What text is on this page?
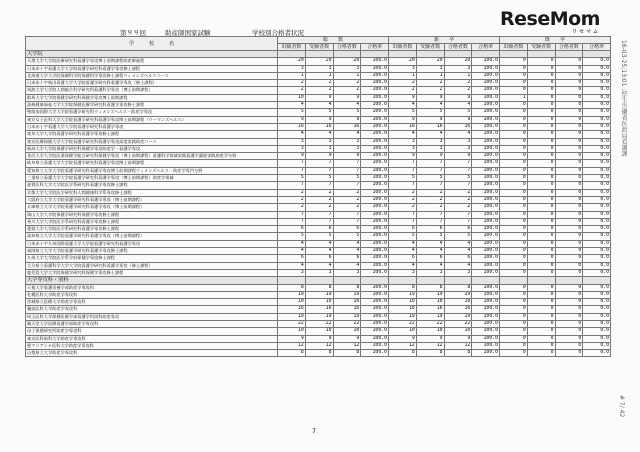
第９９回	助産師国家試験	学校別合格者状況
ReseMom
リセマム
16-03-25;13:01 ;厚生労働省医政局看護課
# 7/ 42
学　　　校　　　名	総　　数				新　　卒				既　　卒			
	出願者数	受験者数	合格者数	合格率	出願者数	受験者数	合格者数	合格率	出願者数	受験者数	合格者数	合格率
大学院												
天理大学大学院医療研究科看護学専攻博士前期課程助産師過程	20	20	20	100.0	20	20	20	100.0	0	0	0	0.0
日本赤十字看護大学大学院看護学研究科看護学専攻修士課程	3	3	3	100.0	3	3	3	100.0	0	0	0	0.0
北海道大学大学院保健科学院保健科学専攻修士課程ウィメンズヘルスコース	1	1	1	100.0	1	1	1	100.0	0	0	0	0.0
日本赤十字秋田看護大学大学院看護学研究科看護学専攻（修士課程）	2	2	2	100.0	2	2	2	100.0	0	0	0	0.0
筑波大学大学院人間総合科学研究科看護科学専攻（博士前期課程）	2	2	2	100.0	2	2	2	100.0	0	0	0	0.0
群馬大学大学院保健学研究科保健学専攻博士前期課程	10	9	9	100.0	9	9	9	100.0	1	0	0	0.0
高崎健康福祉大学大学院保健医療学研究科看護学専攻修士課程	4	4	4	100.0	4	4	4	100.0	0	0	0	0.0
聖路加国際大学大学院看護学研究科ウィメンズヘルス・助産学専攻	5	5	5	100.0	5	5	5	100.0	0	0	0	0.0
東京女子医科大学大学院看護学研究科看護学専攻博士前期課程（ウーマンズヘルス）	9	9	9	100.0	9	9	9	100.0	0	0	0	0.0
日本赤十字看護大学大学院看護学研究科看護学専攻	16	16	16	100.0	16	16	16	100.0	0	0	0	0.0
東邦大学大学院看護学研究科看護学専攻修士課程	4	4	4	100.0	4	4	4	100.0	0	0	0	0.0
東京医療保健大学大学院看護学研究科看護学専攻高度実践助産コース	3	3	3	100.0	3	3	3	100.0	0	0	0	0.0
新潟大学大学院保健学研究科保健学専攻助産学・看護学専攻	3	3	3	100.0	3	3	3	100.0	0	0	0	0.0
金沢大学大学院医薬保健学総合研究科保健学専攻（博士前期課程）看護科学領域実践看護学講座実践助産学分野	9	9	9	100.0	9	9	9	100.0	0	0	0	0.0
岐阜県立看護大学大学院看護学研究科看護学専攻博士前期課程	7	7	7	100.0	7	7	7	100.0	0	0	0	0.0
愛知県立大学大学院看護学研究科看護学専攻博士前期課程ウィメンズヘルス・助産学専門分野	7	7	7	100.0	7	7	7	100.0	0	0	0	0.0
三重県立看護大学大学院看護学研究科看護学専攻（博士前期課程）助産学領域	5	5	5	100.0	5	5	5	100.0	0	0	0	0.0
滋賀医科大学大学院医学系研究科看護学専攻修士課程	7	7	7	100.0	7	7	7	100.0	0	0	0	0.0
京都大学大学院医学研究科人間健康科学系専攻修士課程	2	2	2	100.0	2	2	2	100.0	0	0	0	0.0
大阪府立大学大学院看護学研究科看護学専攻（博士前期課程）	2	2	2	100.0	2	2	2	100.0	0	0	0	0.0
兵庫県立大学大学院看護学研究科看護学専攻（博士前期課程）	2	2	2	100.0	2	2	2	100.0	0	0	0	0.0
岡山大学大学院保健学研究科保健学専攻修士課程	7	7	7	100.0	7	7	7	100.0	0	0	0	0.0
香川大学大学院医学系研究科看護学専攻修士課程	7	7	7	100.0	7	7	7	100.0	0	0	0	0.0
愛媛大学大学院医学系研究科看護学専攻修士課程	6	6	6	100.0	6	6	6	100.0	0	0	0	0.0
高知県立大学大学院看護学研究科看護学専攻（博士前期課程）	5	5	5	100.0	5	5	5	100.0	0	0	0	0.0
日本赤十字九州国際看護大学大学院看護学研究科看護学専攻	4	4	4	100.0	4	4	4	100.0	0	0	0	0.0
福岡県立大学大学院看護学研究科看護学専攻修士課程	4	4	4	100.0	4	4	4	100.0	0	0	0	0.0
九州大学大学院医学系学府保健学専攻修士課程	6	6	6	100.0	6	6	6	100.0	0	0	0	0.0
大分県立看護科学大学大学院看護学研究科看護学専攻（修士課程）	4	4	4	100.0	4	4	4	100.0	0	0	0	0.0
鹿児島大学大学院保健学研究科保健学専攻修士課程	3	3	3	100.0	3	3	3	100.0	0	0	0	0.0
大学専攻科・別科												
天使大学看護栄養学部助産学専攻科	8	8	8	100.0	8	8	8	100.0	0	0	0	0.0
札幌医科大学助産学専攻科	19	19	19	100.0	19	19	19	100.0	0	0	0	0.0
茨城県立医療大学助産学専攻科	10	10	10	100.0	10	10	10	100.0	0	0	0	0.0
獨協医科大学助産学専攻科	16	16	16	100.0	16	16	16	100.0	0	0	0	0.0
埼玉医科大学保健医療学部看護学科別科助産専攻	19	19	19	100.0	19	19	19	100.0	0	0	0	0.0
順天堂大学医療看護学部助産学専攻科	22	22	22	100.0	22	22	22	100.0	0	0	0	0.0
母子保健研究所助産学専攻科	10	10	10	100.0	10	10	10	100.0	0	0	0	0.0
東京医科歯科大学助産学専攻科	9	9	9	100.0	9	9	9	100.0	0	0	0	0.0
聖マリアンナ医科大学助産学専攻科	12	12	12	100.0	12	12	12	100.0	0	0	0	0.0
山梨県立大学助産学専攻科	8	8	8	100.0	8	8	8	100.0	0	0	0	0.0
7
